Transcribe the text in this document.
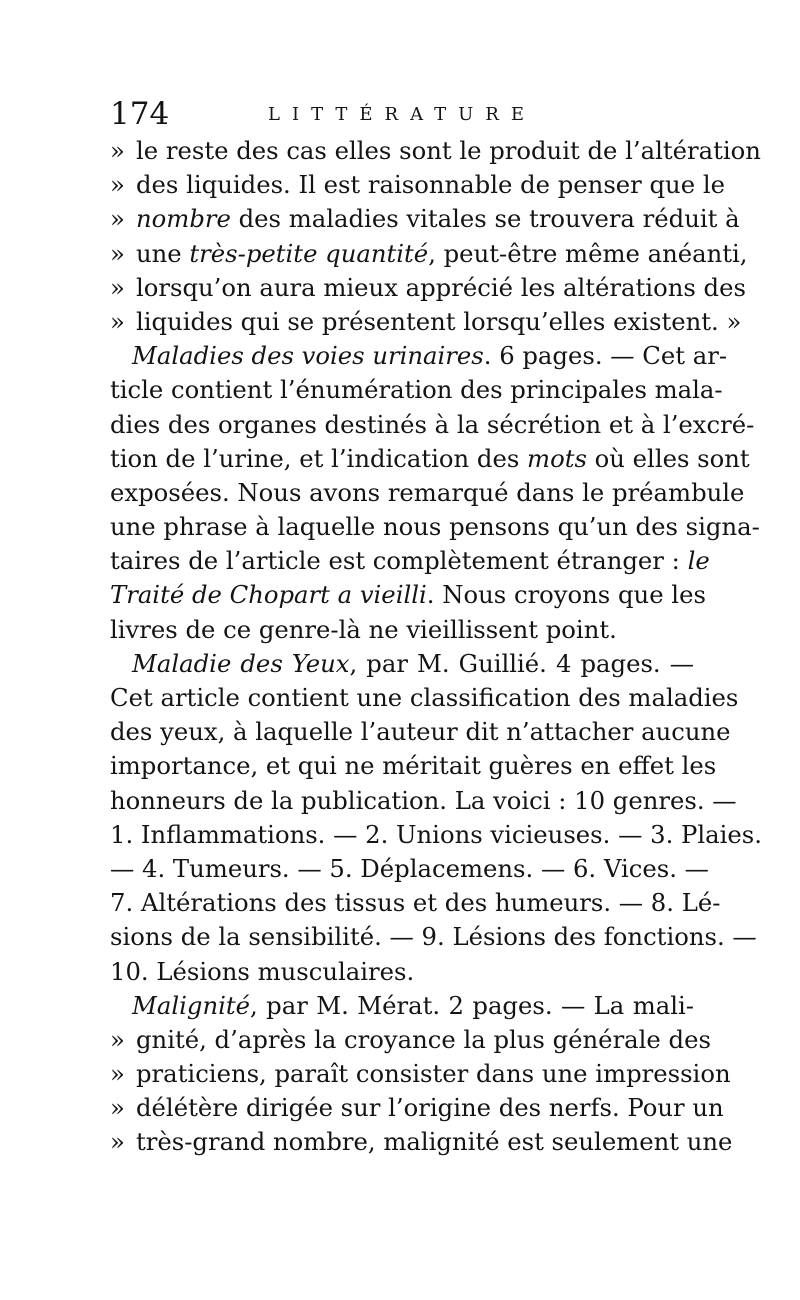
174	LITTÉRATURE
» le reste des cas elles sont le produit de l’altération
» des liquides. Il est raisonnable de penser que le
» nombre des maladies vitales se trouvera réduit à
» une très-petite quantité, peut-être même anéanti,
» lorsqu’on aura mieux apprécié les altérations des
» liquides qui se présentent lorsqu’elles existent. »
Maladies des voies urinaires. 6 pages. — Cet ar-
ticle contient l’énumération des principales mala-
dies des organes destinés à la sécrétion et à l’excré-
tion de l’urine, et l’indication des mots où elles sont
exposées. Nous avons remarqué dans le préambule
une phrase à laquelle nous pensons qu’un des signa-
taires de l’article est complètement étranger : le
Traité de Chopart a vieilli. Nous croyons que les
livres de ce genre-là ne vieillissent point.
Maladie des Yeux, par M. Guillié. 4 pages. —
Cet article contient une classification des maladies
des yeux, à laquelle l’auteur dit n’attacher aucune
importance, et qui ne méritait guères en effet les
honneurs de la publication. La voici : 10 genres. —
1. Inflammations. — 2. Unions vicieuses. — 3. Plaies.
— 4. Tumeurs. — 5. Déplacemens. — 6. Vices. —
7. Altérations des tissus et des humeurs. — 8. Lé-
sions de la sensibilité. — 9. Lésions des fonctions. —
10. Lésions musculaires.
Malignité, par M. Mérat. 2 pages. — La mali-
» gnité, d’après la croyance la plus générale des
» praticiens, paraît consister dans une impression
» délétère dirigée sur l’origine des nerfs. Pour un
» très-grand nombre, malignité est seulement une
